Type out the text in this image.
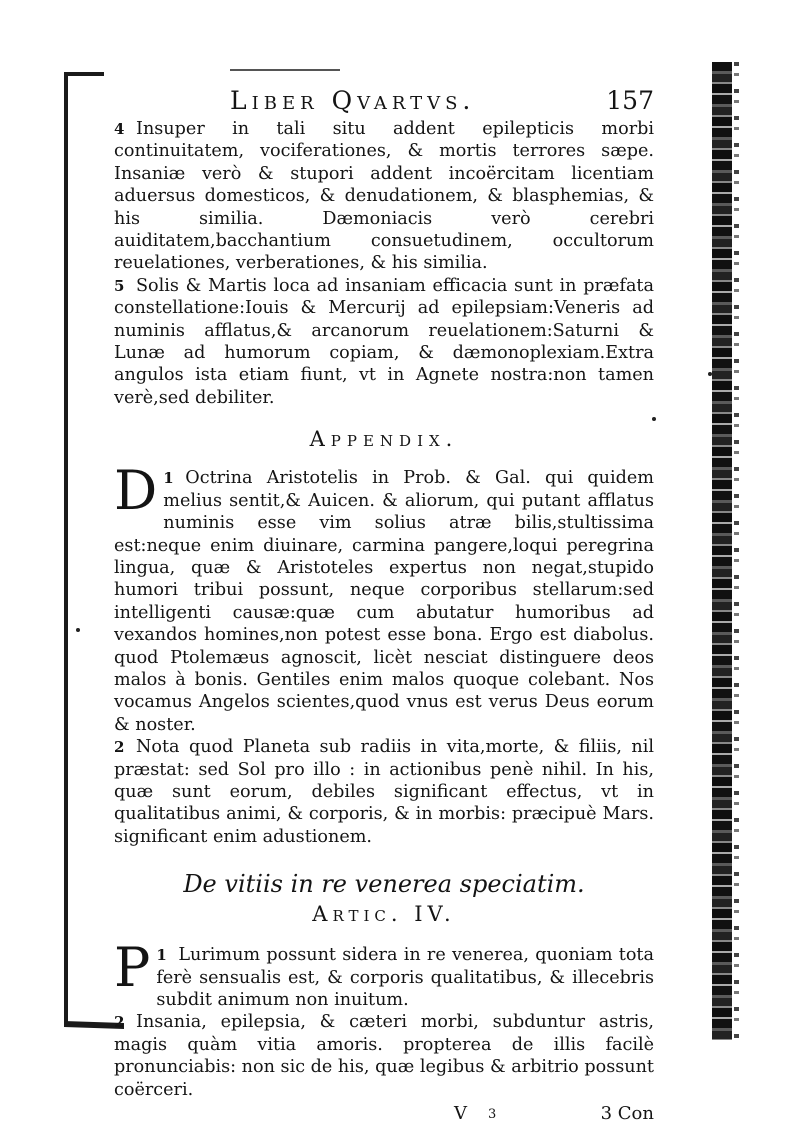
Liber Qvartvs.	157

4 Insuper in tali situ addent epilepticis morbi continuitatem, vociferationes, & mortis terrores sæpe. Insaniæ verò & stupori addent incoërcitam licentiam aduersus domesticos, & denudationem, & blasphemias, & his similia. Dæmoniacis verò cerebri auiditatem,bacchantium consuetudinem, occultorum reuelationes, verberationes, & his similia.

5 Solis & Martis loca ad insaniam efficacia sunt in præfata constellatione:Iouis & Mercurij ad epilepsiam:Veneris ad numinis afflatus,& arcanorum reuelationem:Saturni & Lunæ ad humorum copiam, & dæmonoplexiam.Extra angulos ista etiam fiunt, vt in Agnete nostra:non tamen verè,sed debiliter.

Appendix.

1
D Octrina Aristotelis in Prob. & Gal. qui quidem melius sentit,& Auicen. & aliorum, qui putant afflatus numinis esse vim solius atræ bilis,stultissima est:neque enim diuinare, carmina pangere,loqui peregrina lingua, quæ & Aristoteles expertus non negat,stupido humori tribui possunt, neque corporibus stellarum:sed intelligenti causæ:quæ cum abutatur humoribus ad vexandos homines,non potest esse bona. Ergo est diabolus. quod Ptolemæus agnoscit, licèt nesciat distinguere deos malos à bonis. Gentiles enim malos quoque colebant. Nos vocamus Angelos scientes,quod vnus est verus Deus eorum & noster.

2 Nota quod Planeta sub radiis in vita,morte, & filiis, nil præstat: sed Sol pro illo : in actionibus penè nihil. In his, quæ sunt eorum, debiles significant effectus, vt in qualitatibus animi, & corporis, & in morbis: præcipuè Mars. significant enim adustionem.

De vitiis in re venerea speciatim.
Artic. IV.

1
P Lurimum possunt sidera in re venerea, quoniam tota ferè sensualis est, & corporis qualitatibus, & illecebris subdit animum non inuitum.

2 Insania, epilepsia, & cæteri morbi, subduntur astris, magis quàm vitia amoris. propterea de illis facilè pronunciabis: non sic de his, quæ legibus & arbitrio possunt coërceri.

V 3	3 Con
